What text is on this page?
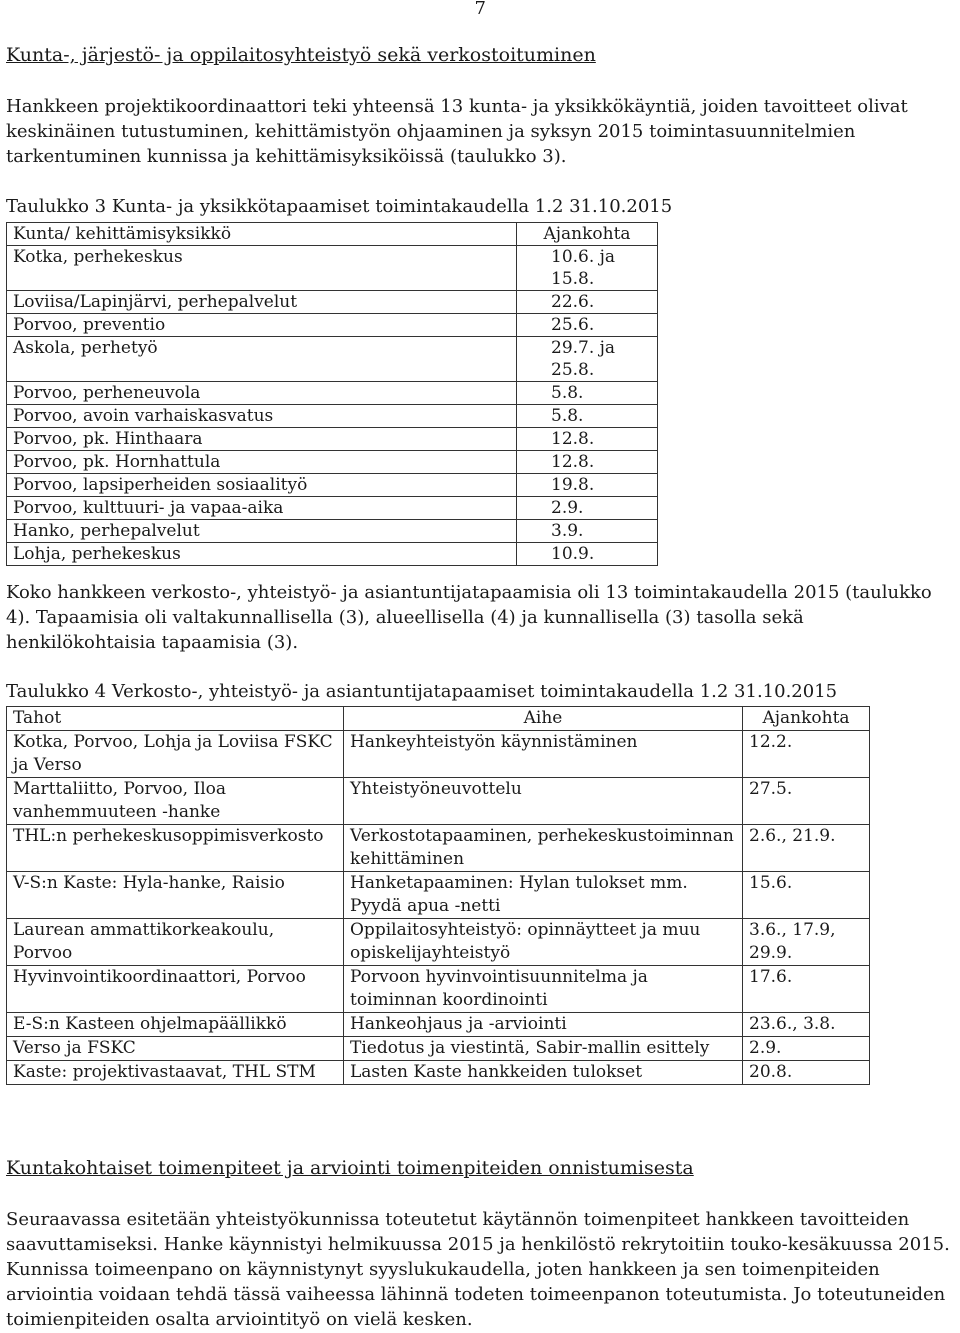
7
Kunta-, järjestö- ja oppilaitosyhteistyö sekä verkostoituminen

Hankkeen projektikoordinaattori teki yhteensä 13 kunta- ja yksikkökäyntiä, joiden tavoitteet olivat keskinäinen tutustuminen, kehittämistyön ohjaaminen ja syksyn 2015 toimintasuunnitelmien tarkentuminen kunnissa ja kehittämisyksiköissä (taulukko 3).

Taulukko 3 Kunta- ja yksikkötapaamiset toimintakaudella 1.2 31.10.2015
Kunta/ kehittämisyksikkö	Ajankohta
Kotka, perhekeskus	10.6. ja 15.8.
Loviisa/Lapinjärvi, perhepalvelut	22.6.
Porvoo, preventio	25.6.
Askola, perhetyö	29.7. ja 25.8.
Porvoo, perheneuvola	5.8.
Porvoo, avoin varhaiskasvatus	5.8.
Porvoo, pk. Hinthaara	12.8.
Porvoo, pk. Hornhattula	12.8.
Porvoo, lapsiperheiden sosiaalityö	19.8.
Porvoo, kulttuuri- ja vapaa-aika	2.9.
Hanko, perhepalvelut	3.9.
Lohja, perhekeskus	10.9.

Koko hankkeen verkosto-, yhteistyö- ja asiantuntijatapaamisia oli 13 toimintakaudella 2015 (taulukko 4). Tapaamisia oli valtakunnallisella (3), alueellisella (4) ja kunnallisella (3) tasolla sekä henkilökohtaisia tapaamisia (3).

Taulukko 4 Verkosto-, yhteistyö- ja asiantuntijatapaamiset toimintakaudella 1.2 31.10.2015
Tahot	Aihe	Ajankohta
Kotka, Porvoo, Lohja ja Loviisa FSKC ja Verso	Hankeyhteistyön käynnistäminen	12.2.
Marttaliitto, Porvoo, Iloa vanhemmuuteen -hanke	Yhteistyöneuvottelu	27.5.
THL:n perhekeskusoppimisverkosto	Verkostotapaaminen, perhekeskustoiminnan kehittäminen	2.6., 21.9.
V-S:n Kaste: Hyla-hanke, Raisio	Hanketapaaminen: Hylan tulokset mm. Pyydä apua -netti	15.6.
Laurean ammattikorkeakoulu, Porvoo	Oppilaitosyhteistyö: opinnäytteet ja muu opiskelijayhteistyö	3.6., 17.9, 29.9.
Hyvinvointikoordinaattori, Porvoo	Porvoon hyvinvointisuunnitelma ja toiminnan koordinointi	17.6.
E-S:n Kasteen ohjelmapäällikkö	Hankeohjaus ja -arviointi	23.6., 3.8.
Verso ja FSKC	Tiedotus ja viestintä, Sabir-mallin esittely	2.9.
Kaste: projektivastaavat, THL STM	Lasten Kaste hankkeiden tulokset	20.8.
Kuntakohtaiset toimenpiteet ja arviointi toimenpiteiden onnistumisesta

Seuraavassa esitetään yhteistyökunnissa toteutetut käytännön toimenpiteet hankkeen tavoitteiden saavuttamiseksi. Hanke käynnistyi helmikuussa 2015 ja henkilöstö rekrytoitiin touko-kesäkuussa 2015. Kunnissa toimeenpano on käynnistynyt syyslukukaudella, joten hankkeen ja sen toimenpiteiden arviointia voidaan tehdä tässä vaiheessa lähinnä todeten toimeenpanon toteutumista. Jo toteutuneiden toimienpiteiden osalta arviointityö on vielä kesken.
